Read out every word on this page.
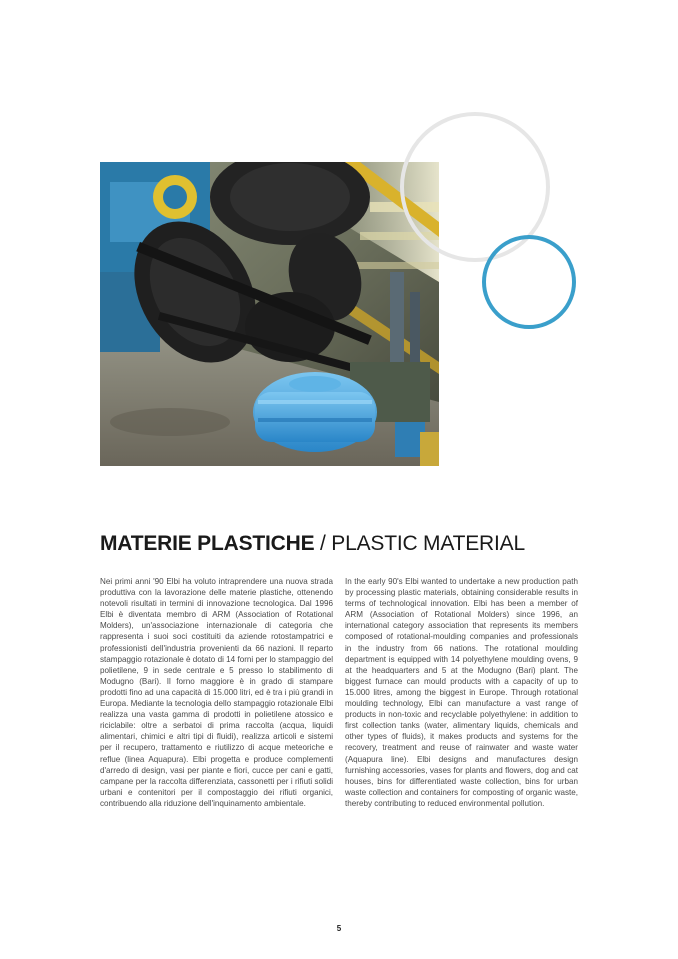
MATERIE PLASTICHE / PLASTIC MATERIAL

Nei primi anni '90 Elbi ha voluto intraprendere una nuova strada produttiva con la lavorazione delle materie plastiche, ottenendo notevoli risultati in termini di innovazione tecnologica. Dal 1996 Elbi è diventata membro di ARM (Association of Rotational Molders), un'associazione internazionale di categoria che rappresenta i suoi soci costituiti da aziende rotostampatrici e professionisti dell'industria provenienti da 66 nazioni. Il reparto stampaggio rotazionale è dotato di 14 forni per lo stampaggio del polietilene, 9 in sede centrale e 5 presso lo stabilimento di Modugno (Bari). Il forno maggiore è in grado di stampare prodotti fino ad una capacità di 15.000 litri, ed è tra i più grandi in Europa. Mediante la tecnologia dello stampaggio rotazionale Elbi realizza una vasta gamma di prodotti in polietilene atossico e riciclabile: oltre a serbatoi di prima raccolta (acqua, liquidi alimentari, chimici e altri tipi di fluidi), realizza articoli e sistemi per il recupero, trattamento e riutilizzo di acque meteoriche e reflue (linea Aquapura). Elbi progetta e produce complementi d'arredo di design, vasi per piante e fiori, cucce per cani e gatti, campane per la raccolta differenziata, cassonetti per i rifiuti solidi urbani e contenitori per il compostaggio dei rifiuti organici, contribuendo alla riduzione dell'inquinamento ambientale.

In the early 90's Elbi wanted to undertake a new production path by processing plastic materials, obtaining considerable results in terms of technological innovation. Elbi has been a member of ARM (Association of Rotational Molders) since 1996, an international category association that represents its members composed of rotational-moulding companies and professionals in the industry from 66 nations. The rotational moulding department is equipped with 14 polyethylene moulding ovens, 9 at the headquarters and 5 at the Modugno (Bari) plant. The biggest furnace can mould products with a capacity of up to 15.000 litres, among the biggest in Europe. Through rotational moulding technology, Elbi can manufacture a vast range of products in non-toxic and recyclable polyethylene: in addition to first collection tanks (water, alimentary liquids, chemicals and other types of fluids), it makes products and systems for the recovery, treatment and reuse of rainwater and waste water (Aquapura line). Elbi designs and manufactures design furnishing accessories, vases for plants and flowers, dog and cat houses, bins for differentiated waste collection, bins for urban waste collection and containers for composting of organic waste, thereby contributing to reduced environmental pollution.

5
